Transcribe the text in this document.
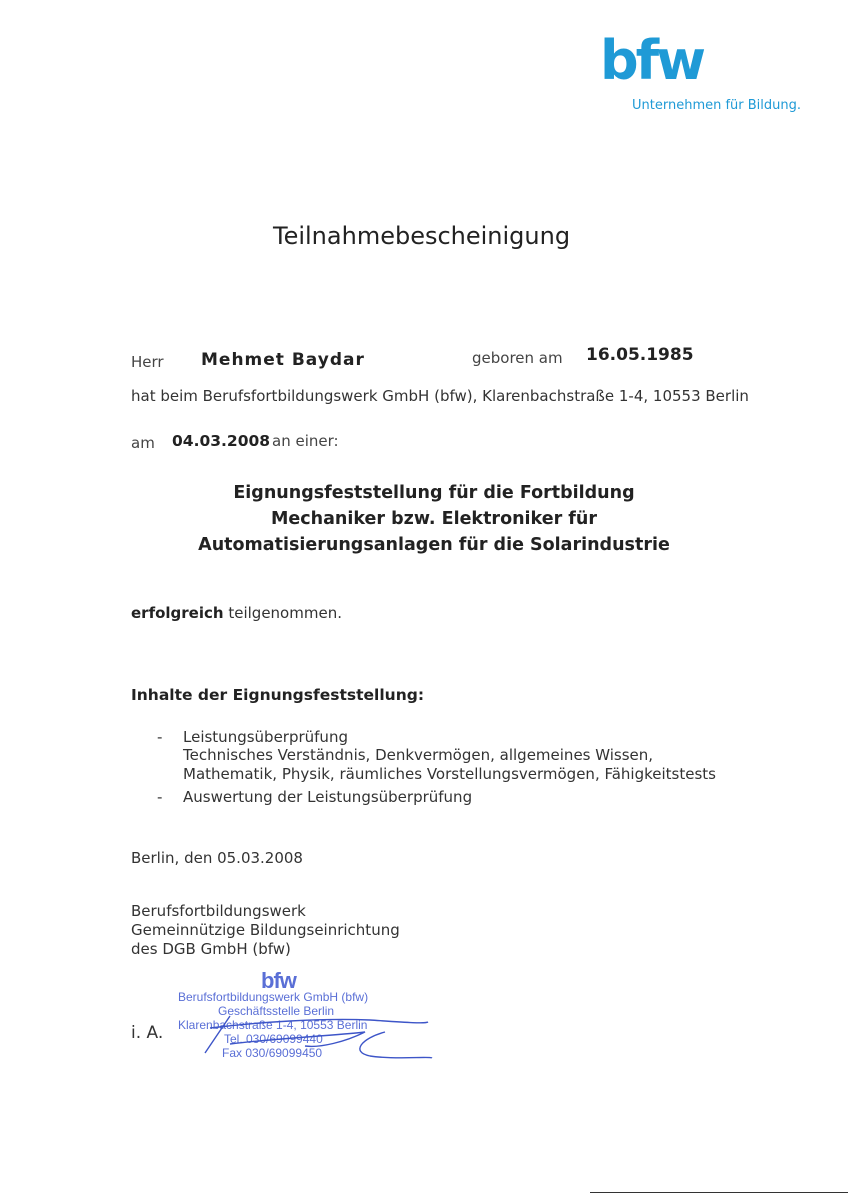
bfw
Unternehmen für Bildung.
Teilnahmebescheinigung
Herr Mehmet Baydar	geboren am 16.05.1985
hat beim Berufsfortbildungswerk GmbH (bfw), Klarenbachstraße 1-4, 10553 Berlin
am 04.03.2008 an einer:
Eignungsfeststellung für die Fortbildung
Mechaniker bzw. Elektroniker für
Automatisierungsanlagen für die Solarindustrie
erfolgreich teilgenommen.
Inhalte der Eignungsfeststellung:
- Leistungsüberprüfung
Technisches Verständnis, Denkvermögen, allgemeines Wissen,
Mathematik, Physik, räumliches Vorstellungsvermögen, Fähigkeitstests
- Auswertung der Leistungsüberprüfung
Berlin, den 05.03.2008
Berufsfortbildungswerk
Gemeinnützige Bildungseinrichtung
des DGB GmbH (bfw)
i. A.
bfw
Berufsfortbildungswerk GmbH (bfw)
Geschäftsstelle Berlin
Klarenbachstraße 1-4, 10553 Berlin
Tel. 030/69099440
Fax 030/69099450
